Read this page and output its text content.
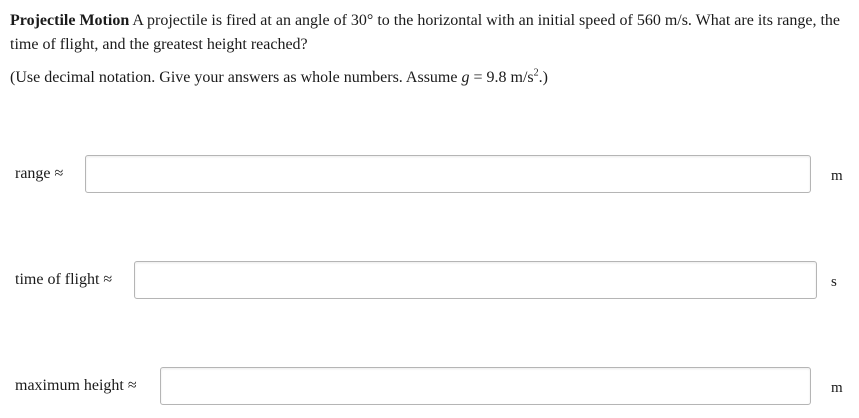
Projectile Motion A projectile is fired at an angle of 30° to the horizontal with an initial speed of 560 m/s. What are its range, the time of flight, and the greatest height reached?
(Use decimal notation. Give your answers as whole numbers. Assume g = 9.8 $m/s^2$.)
range ≈	m
time of flight ≈	s
maximum height ≈	m
